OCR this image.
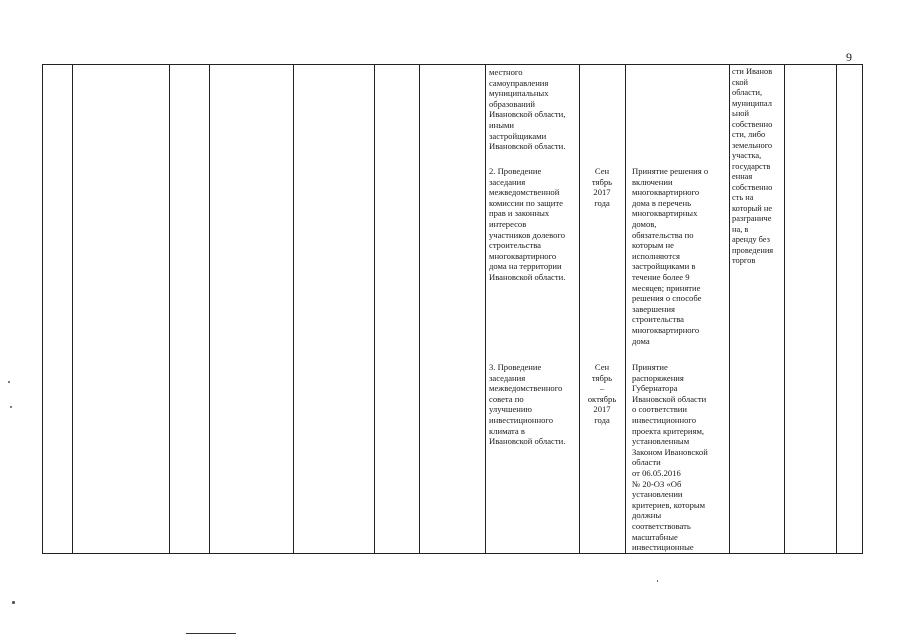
9
местного
самоуправления
муниципальных
образований
Ивановской области,
иными
застройщиками
Ивановской области.
сти Иванов
ской
области,
муниципал
ьной
собственно
сти, либо
земельного
участка,
государств
енная
собственно
сть на
который не
разграниче
на, в
аренду без
проведения
торгов
2. Проведение
заседания
межведомственной
комиссии по защите
прав и законных
интересов
участников долевого
строительства
многоквартирного
дома на территории
Ивановской области.
Сен
тябрь
2017
года
Принятие решения о
включении
многоквартирного
дома в перечень
многоквартирных
домов,
обязательства по
которым не
исполняются
застройщиками в
течение более 9
месяцев; принятие
решения о способе
завершения
строительства
многоквартирного
дома
3. Проведение
заседания
межведомственного
совета по
улучшению
инвестиционного
климата в
Ивановской области.
Сен
тябрь
–
октябрь
2017
года
Принятие
распоряжения
Губернатора
Ивановской области
о соответствии
инвестиционного
проекта критериям,
установленным
Законом Ивановской
области
от 06.05.2016
№ 20-ОЗ «Об
установлении
критериев, которым
должны
соответствовать
масштабные
инвестиционные
